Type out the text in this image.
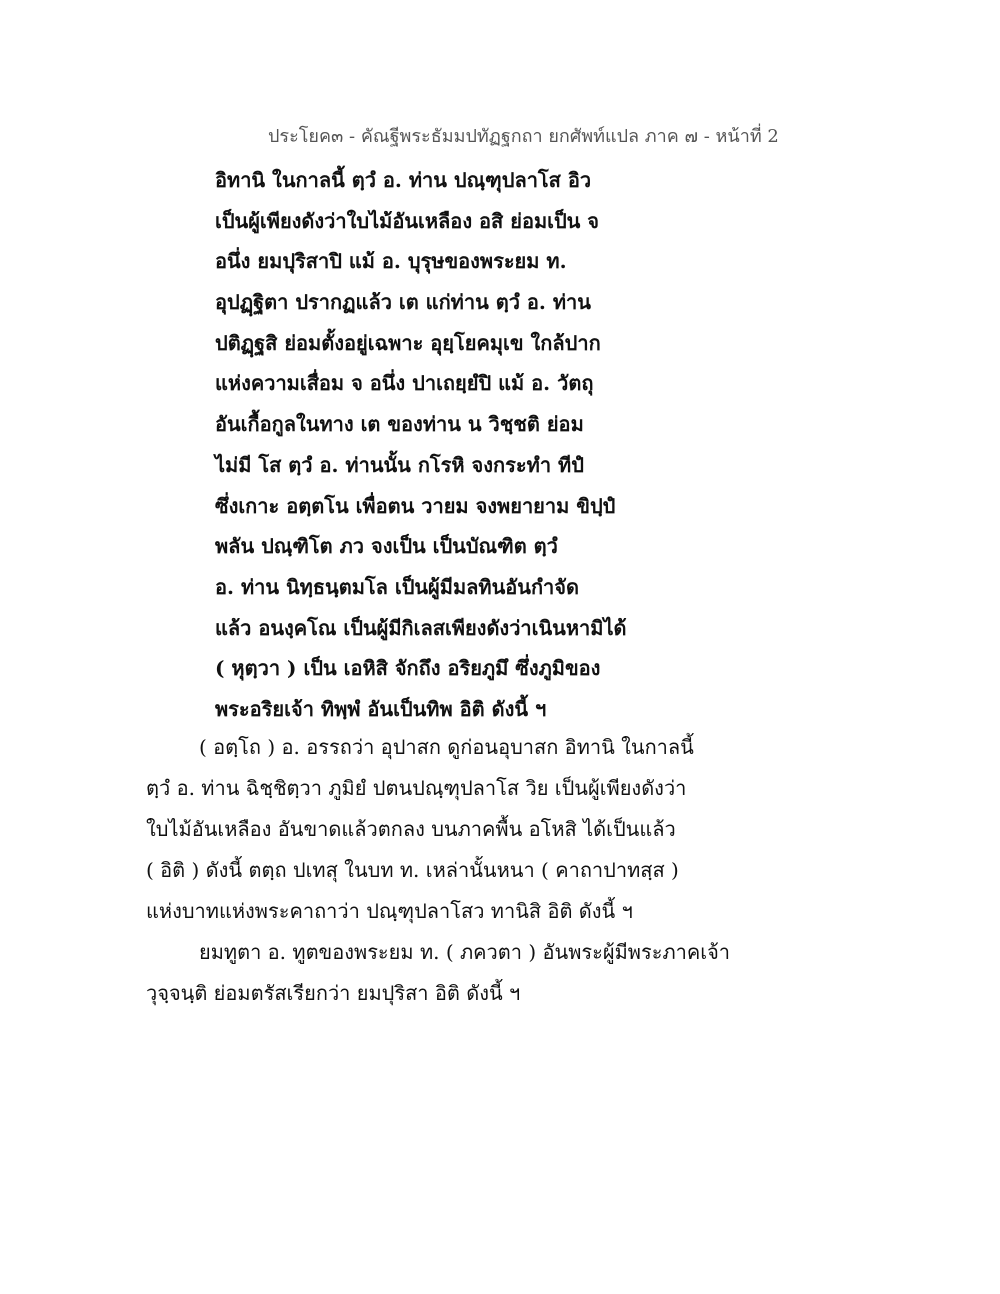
ประโยค๓ - คัณฐีพระธัมมปทัฏฐกถา ยกศัพท์แปล ภาค ๗ - หน้าที่ 2
อิทานิ ในกาลนี้ ตฺวํ อ. ท่าน ปณฺฑุปลาโส อิว
เป็นผู้เพียงดังว่าใบไม้อันเหลือง อสิ ย่อมเป็น จ
อนึ่ง ยมปุริสาปิ แม้ อ. บุรุษของพระยม ท.
อุปฏฺฐิตา ปรากฏแล้ว เต แก่ท่าน ตฺวํ อ. ท่าน
ปติฏฺฐสิ ย่อมตั้งอยู่เฉพาะ อุยฺโยคมุเข ใกล้ปาก
แห่งความเสื่อม จ อนึ่ง ปาเถยฺยํปิ แม้ อ. วัตถุ
อันเกื้อกูลในทาง เต ของท่าน น วิชฺชติ ย่อม
ไม่มี โส ตฺวํ อ. ท่านนั้น กโรหิ จงกระทำ ทีปํ
ซึ่งเกาะ อตฺตโน เพื่อตน วายม จงพยายาม ขิปฺปํ
พลัน ปณฺฑิโต ภว จงเป็น เป็นบัณฑิต ตฺวํ
อ. ท่าน นิทฺธนฺตมโล เป็นผู้มีมลทินอันกำจัด
แล้ว อนงฺคโณ เป็นผู้มีกิเลสเพียงดังว่าเนินหามิได้
( หุตฺวา ) เป็น เอหิสิ จักถึง อริยภูมึ ซึ่งภูมิของ
พระอริยเจ้า ทิพฺพํ อันเป็นทิพ อิติ ดังนี้ ฯ
( อตฺโถ ) อ. อรรถว่า อุปาสก ดูก่อนอุบาสก อิทานิ ในกาลนี้
ตฺวํ อ. ท่าน ฉิชฺชิตฺวา ภูมิยํ ปตนปณฺฑุปลาโส วิย เป็นผู้เพียงดังว่า
ใบไม้อันเหลือง อันขาดแล้วตกลง บนภาคพื้น อโหสิ ได้เป็นแล้ว
( อิติ ) ดังนี้ ตตฺถ ปเทสุ ในบท ท. เหล่านั้นหนา ( คาถาปาทสฺส )
แห่งบาทแห่งพระคาถาว่า ปณฺฑุปลาโสว ทานิสิ อิติ ดังนี้ ฯ
ยมทูตา อ. ทูตของพระยม ท. ( ภควตา ) อันพระผู้มีพระภาคเจ้า
วุจฺจนฺติ ย่อมตรัสเรียกว่า ยมปุริสา อิติ ดังนี้ ฯ
